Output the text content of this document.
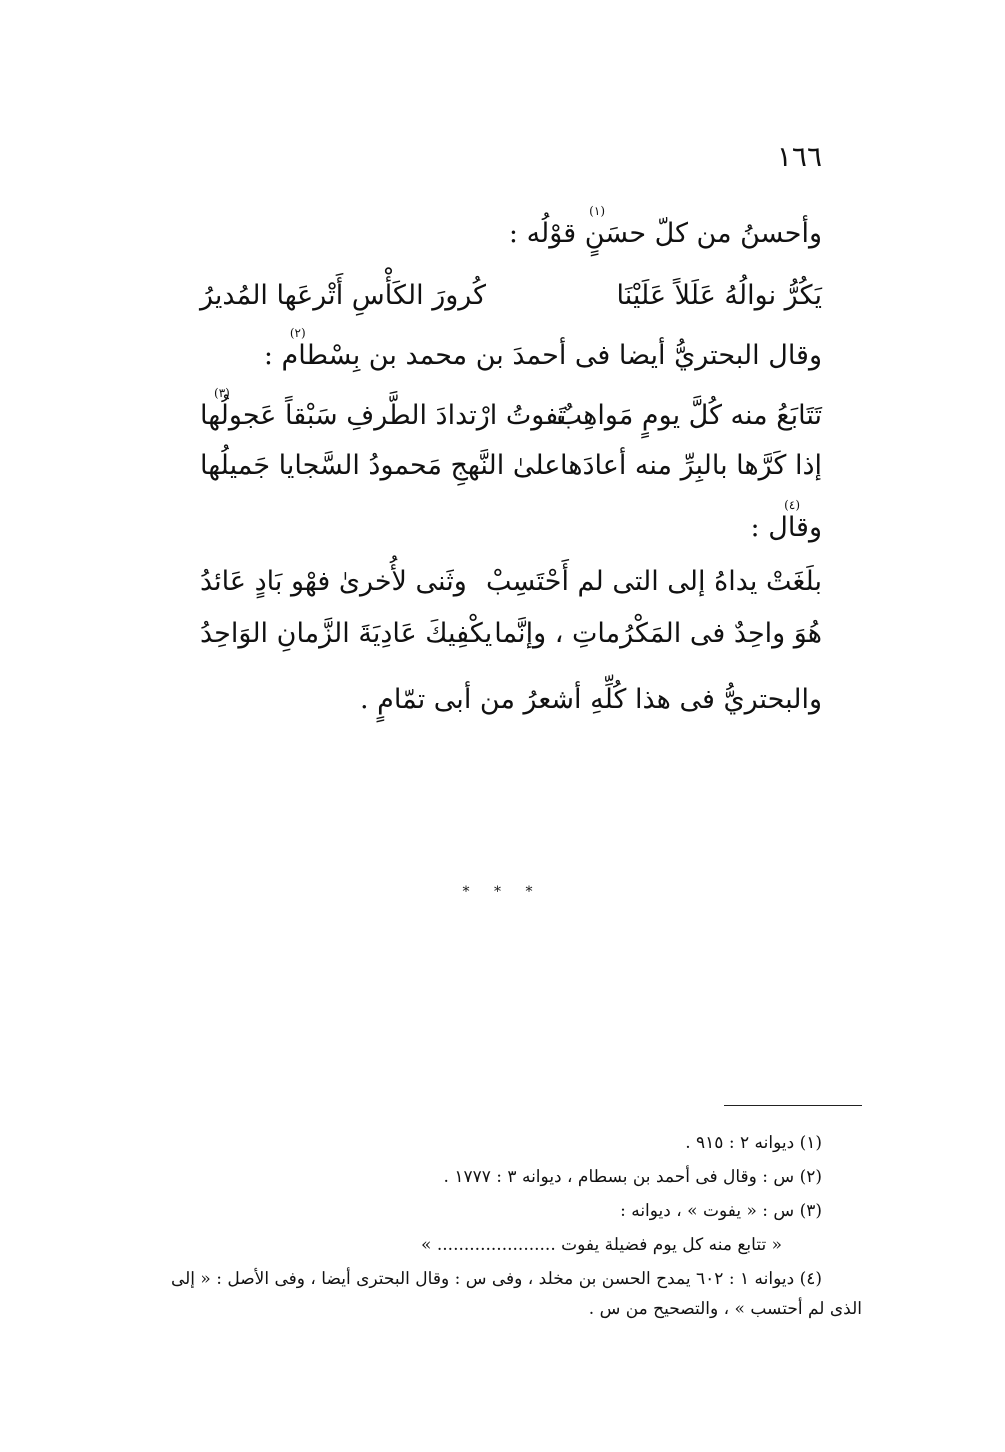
١٦٦
وأحسنُ من كلّ حسَنٍ قوْلُه :
(١)
يَكُرُّ نوالُهُ عَلَلاً عَلَيْنَا
كُرورَ الكَأْسِ أَتْرعَها المُديرُ
وقال البحتريُّ أيضا فى أحمدَ بن محمد بن بِسْطام :
(٢)
تَتَابَعُ منه كُلَّ يومٍ مَواهِبٌ
تَفوتُ ارْتدادَ الطَّرفِ سَبْقاً عَجولُها
(٣)
إذا كَرَّها بالبِرِّ منه أعادَها
علىٰ النَّهجِ مَحمودُ السَّجايا جَميلُها
وقال :
(٤)
بلَغَتْ يداهُ إلى التى لم أَحْتَسِبْ
وثَنى لأُخرىٰ فهْو بَادٍ عَائدُ
هُوَ واحِدٌ فى المَكْرُماتِ ، وإنَّما
يكْفِيكَ عَادِيَةَ الزَّمانِ الوَاحِدُ
والبحتريُّ فى هذا كُلِّهِ أشعرُ من أبى تمّامٍ .
* * *
(١) ديوانه ٢ : ٩١٥ .
(٢) س : وقال فى أحمد بن بسطام ، ديوانه ٣ : ١٧٧٧ .
(٣) س : « يفوت » ، ديوانه :
« تتابع منه كل يوم فضيلة يفوت ...................... »
(٤) ديوانه ١ : ٦٠٢ يمدح الحسن بن مخلد ، وفى س : وقال البحترى أيضا ، وفى الأصل : « إلى
الذى لم أحتسب » ، والتصحيح من س .
